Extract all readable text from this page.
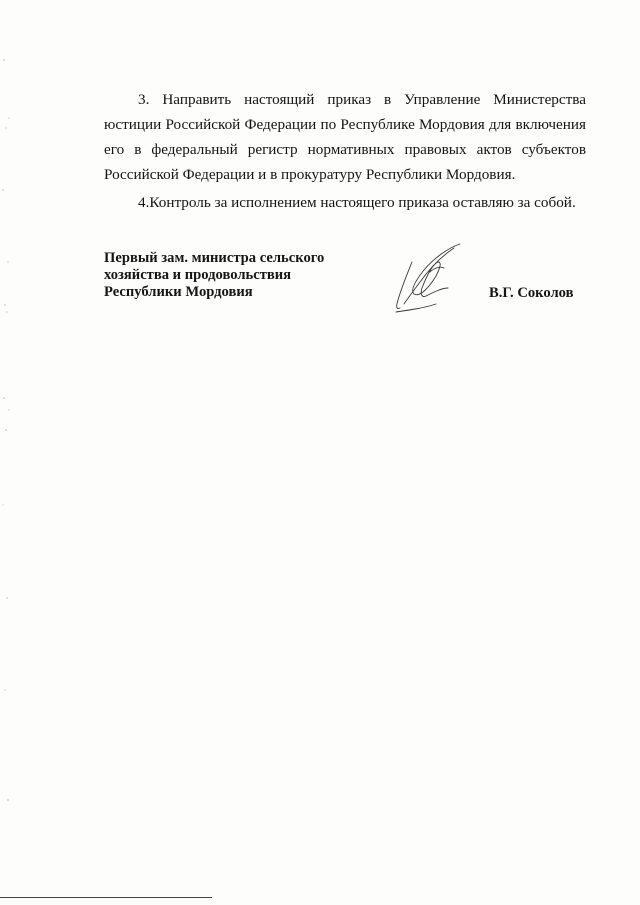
3. Направить настоящий приказ в Управление Министерства юстиции Российской Федерации по Республике Мордовия для включения его в федеральный регистр нормативных правовых актов субъектов Российской Федерации и в прокуратуру Республики Мордовия.

4.Контроль за исполнением настоящего приказа оставляю за собой.

Первый зам. министра сельского
хозяйства и продовольствия
Республики Мордовия	В.Г. Соколов
